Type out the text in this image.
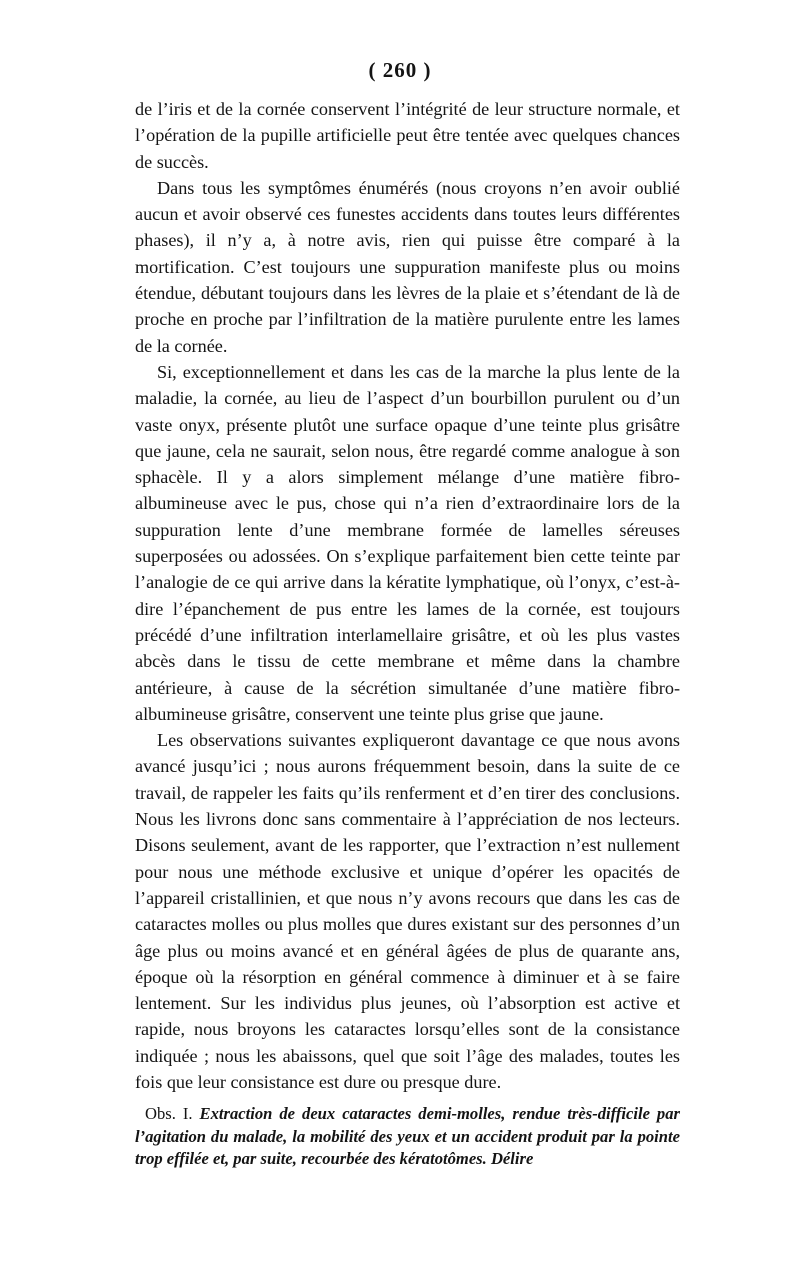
( 260 )

de l’iris et de la cornée conservent l’intégrité de leur structure normale, et l’opération de la pupille artificielle peut être tentée avec quelques chances de succès.

Dans tous les symptômes énumérés (nous croyons n’en avoir oublié aucun et avoir observé ces funestes accidents dans toutes leurs différentes phases), il n’y a, à notre avis, rien qui puisse être comparé à la mortification. C’est toujours une suppuration manifeste plus ou moins étendue, débutant toujours dans les lèvres de la plaie et s’étendant de là de proche en proche par l’infiltration de la matière purulente entre les lames de la cornée.

Si, exceptionnellement et dans les cas de la marche la plus lente de la maladie, la cornée, au lieu de l’aspect d’un bourbillon purulent ou d’un vaste onyx, présente plutôt une surface opaque d’une teinte plus grisâtre que jaune, cela ne saurait, selon nous, être regardé comme analogue à son sphacèle. Il y a alors simplement mélange d’une matière fibro-albumineuse avec le pus, chose qui n’a rien d’extraordinaire lors de la suppuration lente d’une membrane formée de lamelles séreuses superposées ou adossées. On s’explique parfaitement bien cette teinte par l’analogie de ce qui arrive dans la kératite lymphatique, où l’onyx, c’est-à-dire l’épanchement de pus entre les lames de la cornée, est toujours précédé d’une infiltration interlamellaire grisâtre, et où les plus vastes abcès dans le tissu de cette membrane et même dans la chambre antérieure, à cause de la sécrétion simultanée d’une matière fibro-albumineuse grisâtre, conservent une teinte plus grise que jaune.

Les observations suivantes expliqueront davantage ce que nous avons avancé jusqu’ici ; nous aurons fréquemment besoin, dans la suite de ce travail, de rappeler les faits qu’ils renferment et d’en tirer des conclusions. Nous les livrons donc sans commentaire à l’appréciation de nos lecteurs. Disons seulement, avant de les rapporter, que l’extraction n’est nullement pour nous une méthode exclusive et unique d’opérer les opacités de l’appareil cristallinien, et que nous n’y avons recours que dans les cas de cataractes molles ou plus molles que dures existant sur des personnes d’un âge plus ou moins avancé et en général âgées de plus de quarante ans, époque où la résorption en général commence à diminuer et à se faire lentement. Sur les individus plus jeunes, où l’absorption est active et rapide, nous broyons les cataractes lorsqu’elles sont de la consistance indiquée ; nous les abaissons, quel que soit l’âge des malades, toutes les fois que leur consistance est dure ou presque dure.

Obs. I. Extraction de deux cataractes demi-molles, rendue très-difficile par l’agitation du malade, la mobilité des yeux et un accident produit par la pointe trop effilée et, par suite, recourbée des kératotômes. Délire
